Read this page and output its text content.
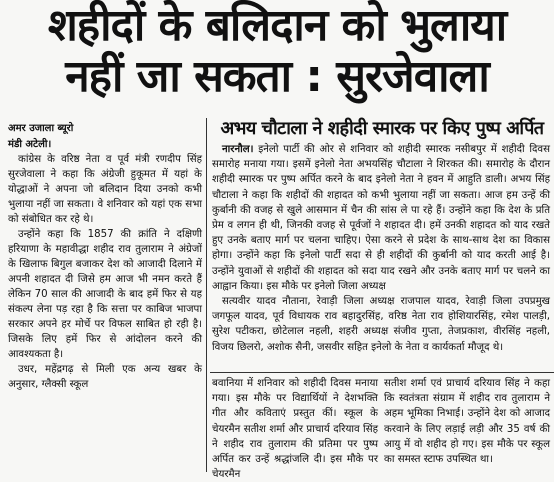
शहीदों के बलिदान को भुलाया
नहीं जा सकता : सुरजेवाला
अमर उजाला ब्यूरो
मंडी अटेली।

कांग्रेस के वरिष्ठ नेता व पूर्व मंत्री रणदीप सिंह सुरजेवाला ने कहा कि अंग्रेजी हुकूमत में यहां के योद्धाओं ने अपना जो बलिदान दिया उनको कभी भुलाया नहीं जा सकता। वे शनिवार को यहां एक सभा को संबोधित कर रहे थे।

उन्होंने कहा कि 1857 की क्रांति ने दक्षिणी हरियाणा के महावीद्धा शहीद राव तुलाराम ने अंग्रेजों के खिलाफ बिगुल बजाकर देश को आजादी दिलाने में अपनी शहादत दी जिसे हम आज भी नमन करते हैं लेकिन 70 साल की आजादी के बाद हमें फिर से यह संकल्प लेना पड़ रहा है कि सत्ता पर काबिज भाजपा सरकार अपने हर मोर्चे पर विफल साबित हो रही है। जिसके लिए हमें फिर से आंदोलन करने की आवश्यकता है।

उधर, महेंद्रगढ़ से मिली एक अन्य खबर के अनुसार, ग्लैक्सी स्कूल

अभय चौटाला ने शहीदी स्मारक पर किए पुष्प अर्पित

नारनौल। इनेलो पार्टी की ओर से शनिवार को शहीदी स्मारक नसीबपुर में शहीदी दिवस समारोह मनाया गया। इसमें इनेलो नेता अभयसिंह चौटाला ने शिरकत की। समारोह के दौरान शहीदी स्मारक पर पुष्प अर्पित करने के बाद इनेलो नेता ने हवन में आहुति डाली। अभय सिंह चौटाला ने कहा कि शहीदों की शहादत को कभी भुलाया नहीं जा सकता। आज हम उन्हें की कुर्बानी की वजह से खुले आसमान में चैन की सांस ले पा रहे हैं। उन्होंने कहा कि देश के प्रति प्रेम व लगन ही थी, जिनकी वजह से पूर्वजों ने शहादत दी। हमें उनकी शहादत को याद रखते हुए उनके बताए मार्ग पर चलना चाहिए। ऐसा करने से प्रदेश के साथ-साथ देश का विकास होगा। उन्होंने कहा कि इनेलो पार्टी सदा से ही शहीदों की कुर्बानी को याद करती आई है। उन्होंने युवाओं से शहीदों की शहादत को सदा याद रखने और उनके बताए मार्ग पर चलने का आह्वान किया। इस मौके पर इनेलो जिला अध्यक्ष

सत्यवीर यादव नौताना, रेवाड़ी जिला अध्यक्ष राजपाल यादव, रेवाड़ी जिला उपप्रमुख जगफूल यादव, पूर्व विधायक राव बहादुरसिंह, वरिष्ठ नेता राव होशियारसिंह, रमेश पालड़ी, सुरेश पटीकरा, छोटेलाल नहली, शहरी अध्यक्ष संजीव गुप्ता, तेजप्रकाश, वीरसिंह नहली, विजय छिलरो, अशोक सैनी, जसवीर सहित इनेलो के नेता व कार्यकर्ता मौजूद थे।

बवानिया में शनिवार को शहीदी दिवस मनाया गया। इस मौके पर विद्यार्थियों ने देशभक्ति गीत और कविताएं प्रस्तुत कीं। स्कूल के चेयरमैन सतीश शर्मा और प्राचार्य दरियाव सिंह ने शहीद राव तुलाराम की प्रतिमा पर पुष्प अर्पित कर उन्हें श्रद्धांजलि दी। इस मौके पर चेयरमैन

सतीश शर्मा एवं प्राचार्य दरियाव सिंह ने कहा कि स्वतंत्रता संग्राम में शहीद राव तुलाराम ने अहम भूमिका निभाई। उन्होंने देश को आजाद करवाने के लिए लड़ाई लड़ी और 35 वर्ष की आयु में वो शहीद हो गए। इस मौके पर स्कूल का समस्त स्टाफ उपस्थित था।
